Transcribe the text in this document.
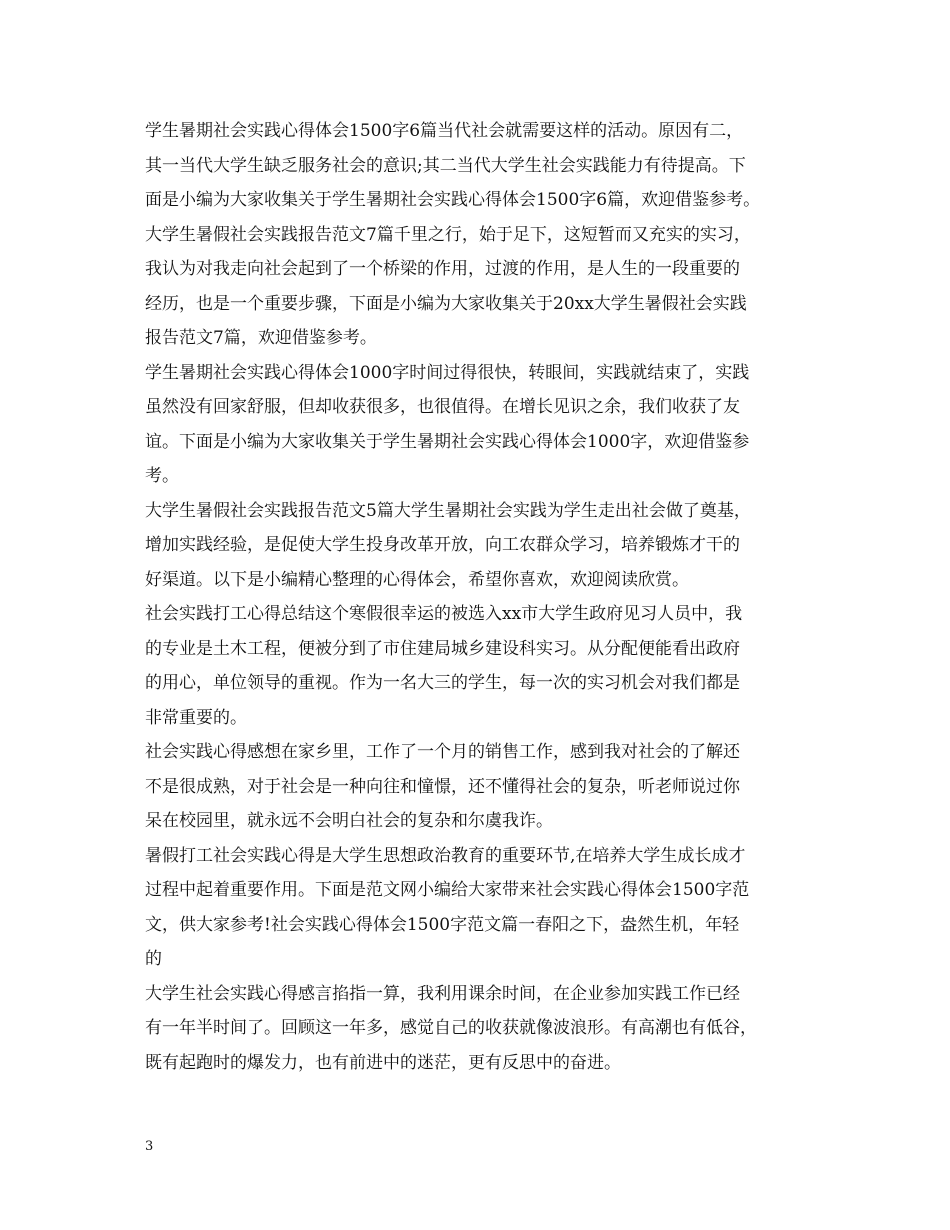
学生暑期社会实践心得体会1500字6篇当代社会就需要这样的活动。原因有二，
其一当代大学生缺乏服务社会的意识;其二当代大学生社会实践能力有待提高。下
面是小编为大家收集关于学生暑期社会实践心得体会1500字6篇，欢迎借鉴参考。
大学生暑假社会实践报告范文7篇千里之行，始于足下，这短暂而又充实的实习，
我认为对我走向社会起到了一个桥梁的作用，过渡的作用，是人生的一段重要的
经历，也是一个重要步骤，下面是小编为大家收集关于20xx大学生暑假社会实践
报告范文7篇，欢迎借鉴参考。
学生暑期社会实践心得体会1000字时间过得很快，转眼间，实践就结束了，实践
虽然没有回家舒服，但却收获很多，也很值得。在增长见识之余，我们收获了友
谊。下面是小编为大家收集关于学生暑期社会实践心得体会1000字，欢迎借鉴参
考。
大学生暑假社会实践报告范文5篇大学生暑期社会实践为学生走出社会做了奠基，
增加实践经验，是促使大学生投身改革开放，向工农群众学习，培养锻炼才干的
好渠道。以下是小编精心整理的心得体会，希望你喜欢，欢迎阅读欣赏。
社会实践打工心得总结这个寒假很幸运的被选入xx市大学生政府见习人员中，我
的专业是土木工程，便被分到了市住建局城乡建设科实习。从分配便能看出政府
的用心，单位领导的重视。作为一名大三的学生，每一次的实习机会对我们都是
非常重要的。
社会实践心得感想在家乡里，工作了一个月的销售工作，感到我对社会的了解还
不是很成熟，对于社会是一种向往和憧憬，还不懂得社会的复杂，听老师说过你
呆在校园里，就永远不会明白社会的复杂和尔虞我诈。
暑假打工社会实践心得是大学生思想政治教育的重要环节,在培养大学生成长成才
过程中起着重要作用。下面是范文网小编给大家带来社会实践心得体会1500字范
文，供大家参考!社会实践心得体会1500字范文篇一春阳之下，盎然生机，年轻
的
大学生社会实践心得感言掐指一算，我利用课余时间，在企业参加实践工作已经
有一年半时间了。回顾这一年多，感觉自己的收获就像波浪形。有高潮也有低谷，
既有起跑时的爆发力，也有前进中的迷茫，更有反思中的奋进。
3
